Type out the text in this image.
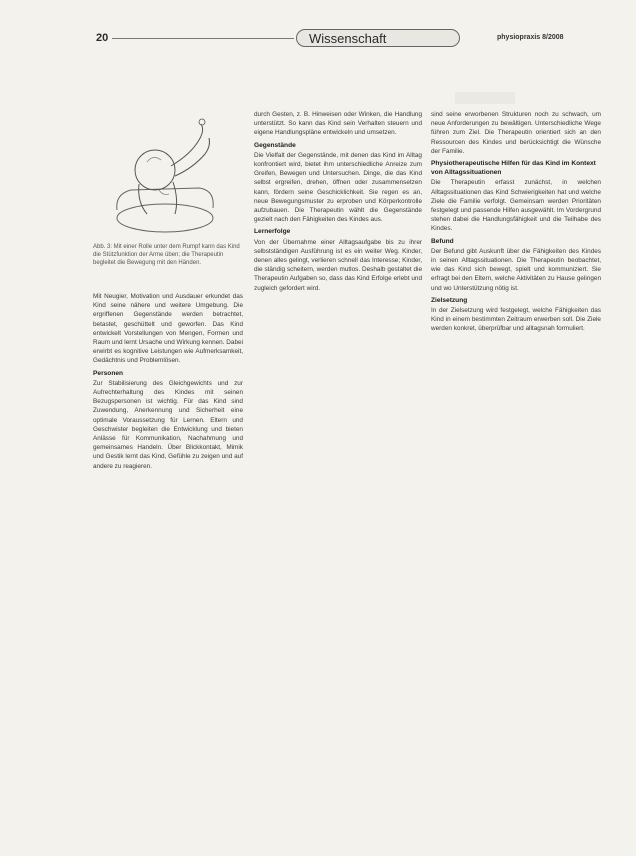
20	Wissenschaft	physiopraxis 8/2008
Abb. 3: Mit einer Rolle unter dem Rumpf kann das Kind die Stützfunktion der Arme üben; die Therapeutin begleitet die Bewegung mit den Händen.

Mit Neugier, Motivation und Ausdauer erkundet das Kind seine nähere und weitere Umgebung. Die ergriffenen Gegenstände werden betrachtet, betastet, geschüttelt und geworfen. Das Kind entwickelt Vorstellungen von Mengen, Formen und Raum und lernt Ursache und Wirkung kennen. Dabei erwirbt es kognitive Leistungen wie Aufmerksamkeit, Gedächtnis und Problemlösen.

Personen

Zur Stabilisierung des Gleichgewichts und zur Aufrechterhaltung des Kindes mit seinen Bezugspersonen ist wichtig. Für das Kind sind Zuwendung, Anerkennung und Sicherheit eine optimale Voraussetzung für Lernen. Eltern und Geschwister begleiten die Entwicklung und bieten Anlässe für Kommunikation, Nachahmung und gemeinsames Handeln. Über Blickkontakt, Mimik und Gestik lernt das Kind, Gefühle zu zeigen und auf andere zu reagieren.

durch Gesten, z. B. Hinweisen oder Winken, die Handlung unterstützt. So kann das Kind sein Verhalten steuern und eigene Handlungspläne entwickeln und umsetzen.

Gegenstände

Die Vielfalt der Gegenstände, mit denen das Kind im Alltag konfrontiert wird, bietet ihm unterschiedliche Anreize zum Greifen, Bewegen und Untersuchen. Dinge, die das Kind selbst ergreifen, drehen, öffnen oder zusammensetzen kann, fördern seine Geschicklichkeit. Sie regen es an, neue Bewegungsmuster zu erproben und Körperkontrolle aufzubauen. Die Therapeutin wählt die Gegenstände gezielt nach den Fähigkeiten des Kindes aus.

Lernerfolge

Von der Übernahme einer Alltagsaufgabe bis zu ihrer selbstständigen Ausführung ist es ein weiter Weg. Kinder, denen alles gelingt, verlieren schnell das Interesse; Kinder, die ständig scheitern, werden mutlos. Deshalb gestaltet die Therapeutin Aufgaben so, dass das Kind Erfolge erlebt und zugleich gefordert wird.

sind seine erworbenen Strukturen noch zu schwach, um neue Anforderungen zu bewältigen. Unterschiedliche Wege führen zum Ziel. Die Therapeutin orientiert sich an den Ressourcen des Kindes und berücksichtigt die Wünsche der Familie.

Physiotherapeutische Hilfen für das Kind im Kontext von Alltagssituationen

Die Therapeutin erfasst zunächst, in welchen Alltagssituationen das Kind Schwierigkeiten hat und welche Ziele die Familie verfolgt. Gemeinsam werden Prioritäten festgelegt und passende Hilfen ausgewählt. Im Vordergrund stehen dabei die Handlungsfähigkeit und die Teilhabe des Kindes.

Befund

Der Befund gibt Auskunft über die Fähigkeiten des Kindes in seinen Alltagssituationen. Die Therapeutin beobachtet, wie das Kind sich bewegt, spielt und kommuniziert. Sie erfragt bei den Eltern, welche Aktivitäten zu Hause gelingen und wo Unterstützung nötig ist.

Zielsetzung

In der Zielsetzung wird festgelegt, welche Fähigkeiten das Kind in einem bestimmten Zeitraum erwerben soll. Die Ziele werden konkret, überprüfbar und alltagsnah formuliert.
